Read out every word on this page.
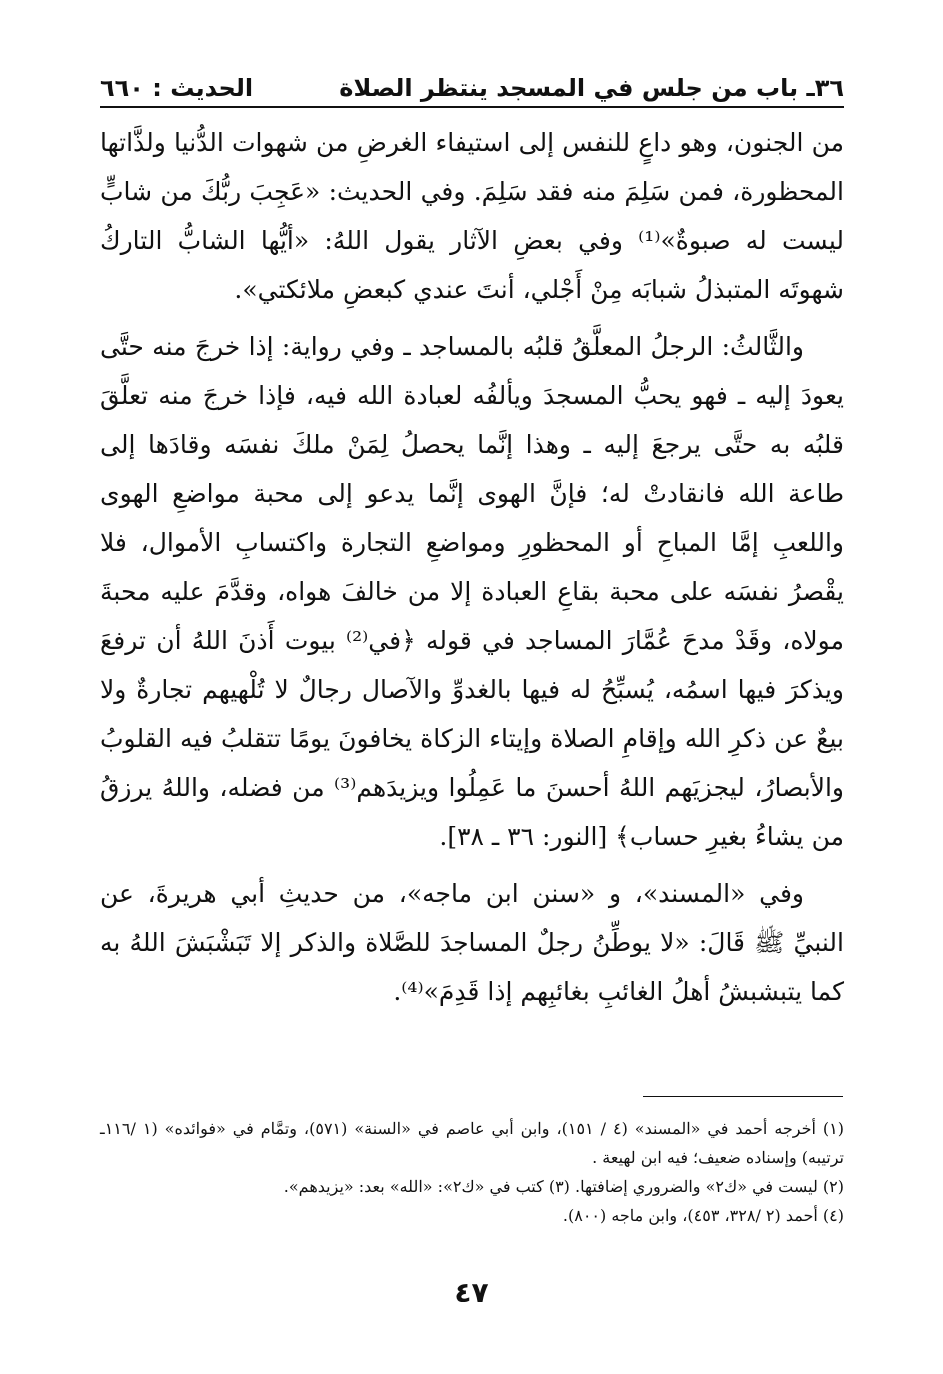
٣٦ـ باب من جلس في المسجد ينتظر الصلاة
الحديث : ٦٦٠

من الجنون، وهو داعٍ للنفس إلى استيفاء الغرضِ من شهوات الدُّنيا ولذَّاتها المحظورة، فمن سَلِمَ منه فقد سَلِمَ. وفي الحديث: «عَجِبَ ربُّكَ من شابٍّ ليست له صبوةٌ»⁽¹⁾ وفي بعضِ الآثار يقول اللهُ: «أيُّها الشابُّ التاركُ شهوتَه المتبذلُ شبابَه مِنْ أَجْلي، أنتَ عندي كبعضِ ملائكتي».

والثَّالثُ: الرجلُ المعلَّقُ قلبُه بالمساجد ـ وفي رواية: إذا خرجَ منه حتَّى يعودَ إليه ـ فهو يحبُّ المسجدَ ويألفُه لعبادة الله فيه، فإذا خرجَ منه تعلَّقَ قلبُه به حتَّى يرجعَ إليه ـ وهذا إنَّما يحصلُ لِمَنْ ملكَ نفسَه وقادَها إلى طاعة الله فانقادتْ له؛ فإنَّ الهوى إنَّما يدعو إلى محبة مواضعِ الهوى واللعبِ إمَّا المباحِ أو المحظورِ ومواضعِ التجارة واكتسابِ الأموال، فلا يقْصرُ نفسَه على محبة بقاعِ العبادة إلا من خالفَ هواه، وقدَّمَ عليه محبةَ مولاه، وقَدْ مدحَ عُمَّارَ المساجد في قوله ﴿في⁽²⁾ بيوت أَذنَ اللهُ أن ترفعَ ويذكرَ فيها اسمُه، يُسبِّحُ له فيها بالغدوِّ والآصال رجالٌ لا تُلْهيهم تجارةٌ ولا بيعٌ عن ذكرِ الله وإقامِ الصلاة وإيتاء الزكاة يخافونَ يومًا تتقلبُ فيه القلوبُ والأبصارُ، ليجزيَهم اللهُ أحسنَ ما عَمِلُوا ويزيدَهم⁽³⁾ من فضله، واللهُ يرزقُ من يشاءُ بغيرِ حساب﴾ [النور: ٣٦ ـ ٣٨].

وفي «المسند»، و «سنن ابن ماجه»، من حديثِ أبي هريرةَ، عن النبيِّ ﷺ قَالَ: «لا يوطِّنُ رجلٌ المساجدَ للصَّلاة والذكر إلا تَبَشْبَشَ اللهُ به كما يتبشبشُ أهلُ الغائبِ بغائبِهم إذا قَدِمَ»⁽⁴⁾.

(١) أخرجه أحمد في «المسند» (٤ / ١٥١)، وابن أبي عاصم في «السنة» (٥٧١)، وتمَّام في «فوائده» (١ /١١٦ـ ترتيبه) وإسناده ضعيف؛ فيه ابن لهيعة .

(٢) ليست في «ك٢» والضروري إضافتها. (٣) كتب في «ك٢»: «الله» بعد: «يزيدهم».

(٤) أحمد (٢ /٣٢٨، ٤٥٣)، وابن ماجه (٨٠٠).

٤٧
